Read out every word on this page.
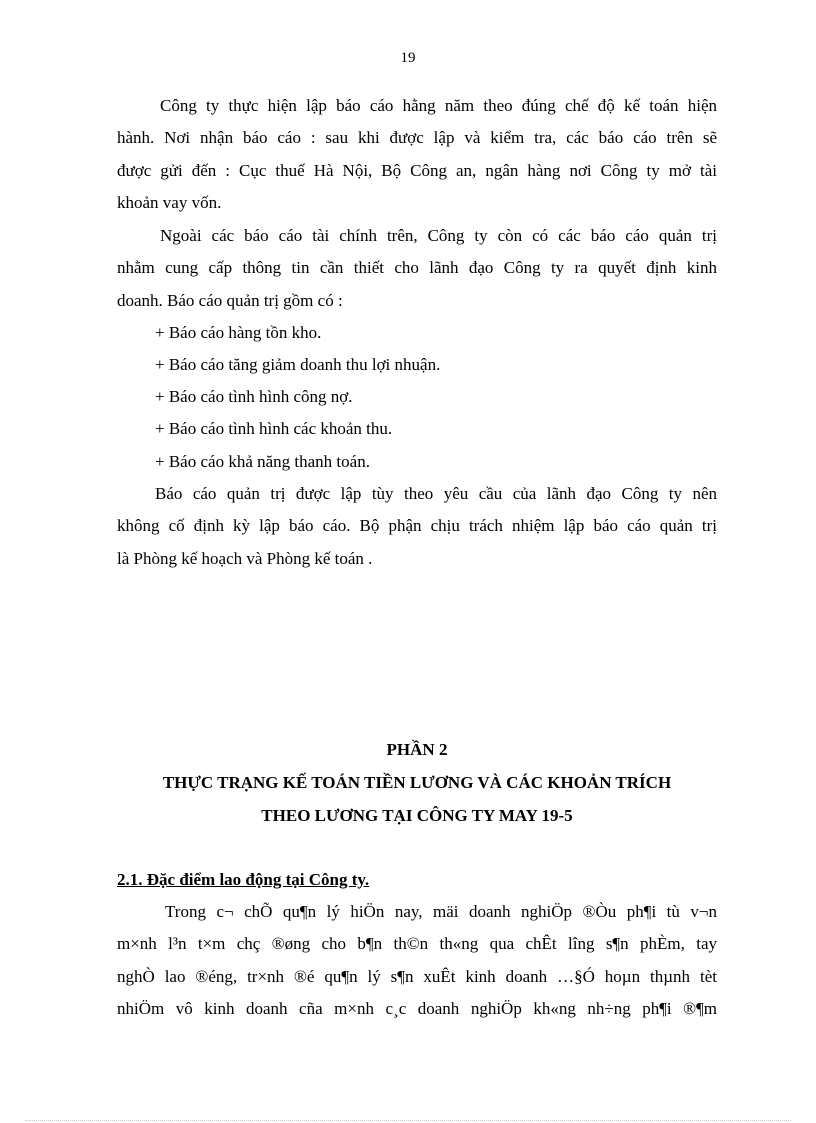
19
Công ty thực hiện lập báo cáo hằng năm theo đúng chế độ kế toán hiện
hành. Nơi nhận báo cáo : sau khi được lập và kiểm tra, các báo cáo trên sẽ
được gửi đến : Cục thuế Hà Nội, Bộ Công an, ngân hàng nơi Công ty mở tài
khoản vay vốn.
Ngoài các báo cáo tài chính trên, Công ty còn có các báo cáo quản trị
nhằm cung cấp thông tin cần thiết cho lãnh đạo Công ty ra quyết định kinh
doanh. Báo cáo quản trị gồm có :
+ Báo cáo hàng tồn kho.
+ Báo cáo tăng giảm doanh thu lợi nhuận.
+ Báo cáo tình hình công nợ.
+ Báo cáo tình hình các khoản thu.
+ Báo cáo khả năng thanh toán.
Báo cáo quản trị được lập tùy theo yêu cầu của lãnh đạo Công ty nên
không cố định kỳ lập báo cáo. Bộ phận chịu trách nhiệm lập báo cáo quản trị
là Phòng kế hoạch và Phòng kế toán .
PHẦN 2
THỰC TRẠNG KẾ TOÁN TIỀN LƯƠNG VÀ CÁC KHOẢN TRÍCH
THEO LƯƠNG TẠI CÔNG TY MAY 19-5
2.1. Đặc điểm lao động tại Công ty.
Trong c¬ chÕ qu¶n lý hiÖn nay, mäi doanh nghiÖp ®Òu ph¶i tù v¬n
m×nh l³n t×m chç ®øng cho b¶n th©n th«ng qua chÊt lîng s¶n phÈm, tay
nghÒ lao ®éng, tr×nh ®é qu¶n lý s¶n xuÊt kinh doanh …§Ó hoµn thµnh tèt
nhiÖm vô kinh doanh cña m×nh c¸c doanh nghiÖp kh«ng nh÷ng ph¶i ®¶m
